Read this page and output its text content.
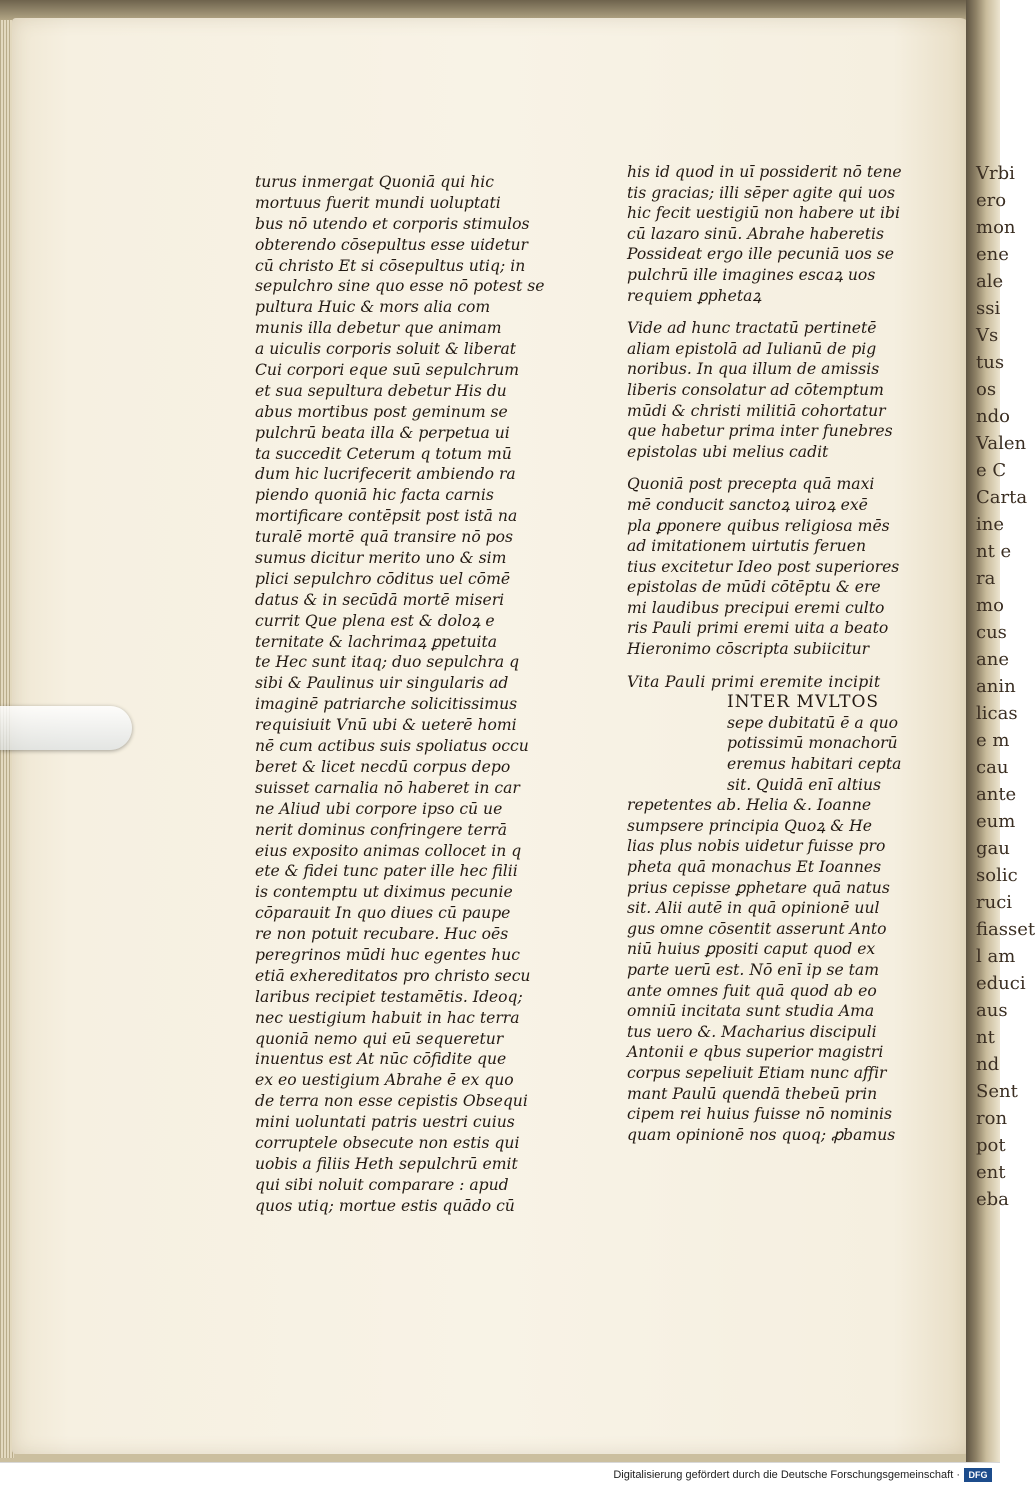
Vrbi
ero
mon
ene
ale
ssi
Vs
tus
os
ndo
Valen
e C
Carta
ine
nt e
ra
mo
cus
ane
anin
licas
e m
cau
ante
eum
gau
solic
ruci
fiasset
l am
educi
aus
nt
nd
Sent
ron
pot
ent
eba
turus inmergat Quoniā qui hic
mortuus fuerit mundi uoluptati
bus nō utendo et corporis stimulos
obterendo cōsepultus esse uidetur
cū christo Et si cōsepultus utiq; in
sepulchro sine quo esse nō potest se
pultura Huic & mors alia com
munis illa debetur que animam
a uiculis corporis soluit & liberat
Cui corpori eque suū sepulchrum
et sua sepultura debetur His du
abus mortibus post geminum se
pulchrū beata illa & perpetua ui
ta succedit Ceterum q totum mū
dum hic lucrifecerit ambiendo ra
piendo quoniā hic facta carnis
mortificare contēpsit post istā na
turalē mortē quā transire nō pos
sumus dicitur merito uno & sim
plici sepulchro cōditus uel cōmē
datus & in secūdā mortē miseri
currit Que plena est & doloꝝ e
ternitate & lachrimaꝝ ꝑpetuita
te Hec sunt itaq; duo sepulchra q
sibi & Paulinus uir singularis ad
imaginē patriarche solicitissimus
requisiuit Vnū ubi & ueterē homi
nē cum actibus suis spoliatus occu
beret & licet necdū corpus depo
suisset carnalia nō haberet in car
ne Aliud ubi corpore ipso cū ue
nerit dominus confringere terrā
eius exposito animas collocet in q
ete & fidei tunc pater ille hec filii
is contemptu ut diximus pecunie
cōparauit In quo diues cū paupe
re non potuit recubare. Huc oēs
peregrinos mūdi huc egentes huc
etiā exhereditatos pro christo secu
laribus recipiet testamētis. Ideoq;
nec uestigium habuit in hac terra
quoniā nemo qui eū sequeretur
inuentus est At nūc cōfidite que
ex eo uestigium Abrahe ē ex quo
de terra non esse cepistis Obsequi
mini uoluntati patris uestri cuius
corruptele obsecute non estis qui
uobis a filiis Heth sepulchrū emit
qui sibi noluit comparare : apud
quos utiq; mortue estis quādo cū
his id quod in uī possiderit nō tene
tis gracias; illi sēper agite qui uos
hic fecit uestigiū non habere ut ibi
cū lazaro sinū. Abrahe haberetis
Possideat ergo ille pecuniā uos se
pulchrū ille imagines escaꝝ uos
requiem ꝑphetaꝝ
Vide ad hunc tractatū pertinetē
aliam epistolā ad Iulianū de pig
noribus. In qua illum de amissis
liberis consolatur ad cōtemptum
mūdi & christi militiā cohortatur
que habetur prima inter funebres
epistolas ubi melius cadit
Quoniā post precepta quā maxi
mē conducit sanctoꝝ uiroꝝ exē
pla ꝑponere quibus religiosa mēs
ad imitationem uirtutis feruen
tius excitetur Ideo post superiores
epistolas de mūdi cōtēptu & ere
mi laudibus precipui eremi culto
ris Pauli primi eremi uita a beato
Hieronimo cōscripta subiicitur
Vita Pauli primi eremite incipit
INTER MVLTOS
sepe dubitatū ē a quo
potissimū monachorū
eremus habitari cepta
sit. Quidā enī altius
repetentes ab. Helia &. Ioanne
sumpsere principia Quoꝝ & He
lias plus nobis uidetur fuisse pro
pheta quā monachus Et Ioannes
prius cepisse ꝑphetare quā natus
sit. Alii autē in quā opinionē uul
gus omne cōsentit asserunt Anto
niū huius ꝑpositi caput quod ex
parte uerū est. Nō enī ip se tam
ante omnes fuit quā quod ab eo
omniū incitata sunt studia Ama
tus uero &. Macharius discipuli
Antonii e qbus superior magistri
corpus sepeliuit Etiam nunc affir
mant Paulū quendā thebeū prin
cipem rei huius fuisse nō nominis
quam opinionē nos quoq; ꝓbamus
Digitalisierung gefördert durch die Deutsche Forschungsgemeinschaft · DFG
